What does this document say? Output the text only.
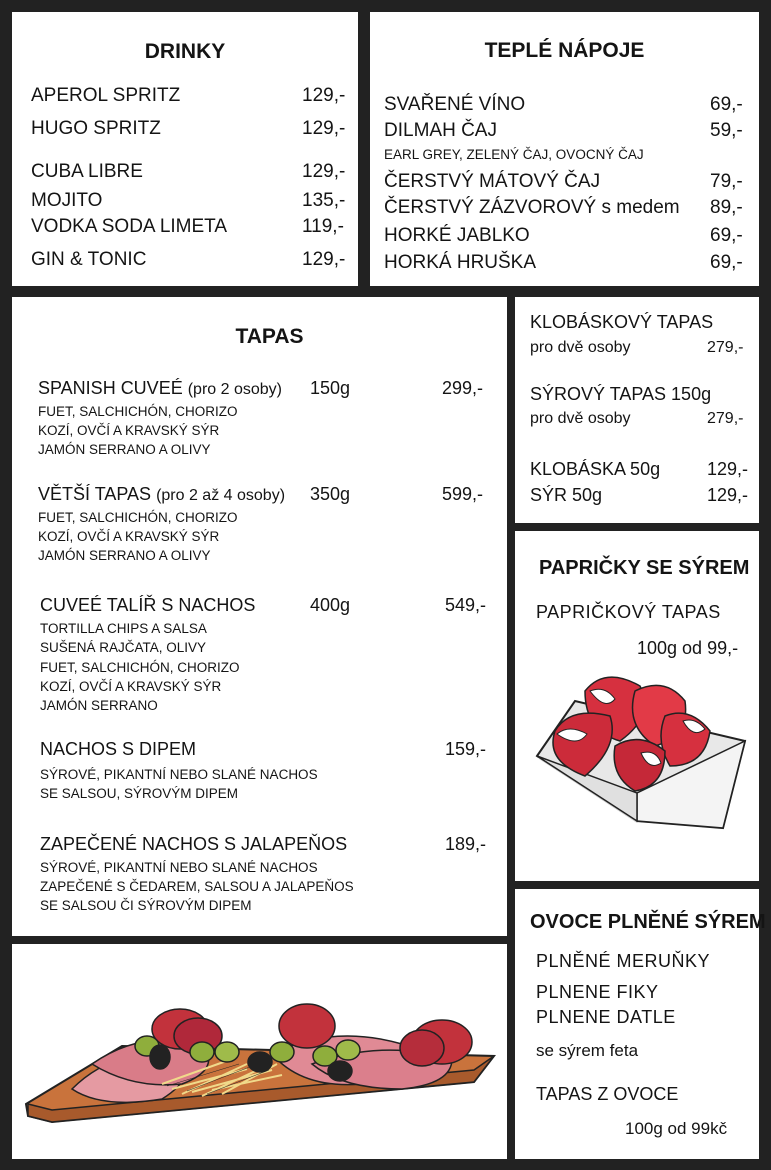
DRINKY
APEROL SPRITZ	129,-
HUGO SPRITZ	129,-
CUBA LIBRE	129,-
MOJITO	135,-
VODKA SODA LIMETA	119,-
GIN & TONIC	129,-
TEPLÉ NÁPOJE
SVAŘENÉ VÍNO	69,-
DILMAH ČAJ	59,-
EARL GREY, ZELENÝ ČAJ, OVOCNÝ ČAJ
ČERSTVÝ MÁTOVÝ ČAJ	79,-
ČERSTVÝ ZÁZVOROVÝ s medem 89,-
HORKÉ JABLKO	69,-
HORKÁ HRUŠKA	69,-
TAPAS
SPANISH CUVEÉ (pro 2 osoby) 150g	299,-
FUET, SALCHICHÓN, CHORIZO
KOZÍ, OVČÍ A KRAVSKÝ SÝR
JAMÓN SERRANO A OLIVY
VĚTŠÍ TAPAS (pro 2 až 4 osoby) 350g	599,-
FUET, SALCHICHÓN, CHORIZO
KOZÍ, OVČÍ A KRAVSKÝ SÝR
JAMÓN SERRANO A OLIVY
CUVEÉ TALÍŘ S NACHOS	400g	549,-
TORTILLA CHIPS A SALSA
SUŠENÁ RAJČATA, OLIVY
FUET, SALCHICHÓN, CHORIZO
KOZÍ, OVČÍ A KRAVSKÝ SÝR
JAMÓN SERRANO
NACHOS S DIPEM	159,-
SÝROVÉ, PIKANTNÍ NEBO SLANÉ NACHOS
SE SALSOU, SÝROVÝM DIPEM
ZAPEČENÉ NACHOS S JALAPEŇOS	189,-
SÝROVÉ, PIKANTNÍ NEBO SLANÉ NACHOS
ZAPEČENÉ S ČEDAREM, SALSOU A JALAPEŇOS
SE SALSOU ČI SÝROVÝM DIPEM
KLOBÁSKOVÝ TAPAS
pro dvě osoby	279,-
SÝROVÝ TAPAS 150g
pro dvě osoby	279,-
KLOBÁSKA 50g	129,-
SÝR 50g	129,-
PAPRIČKY SE SÝREM
PAPRIČKOVÝ TAPAS
100g od 99,-
OVOCE PLNĚNÉ SÝREM
PLNĚNÉ MERUŇKY
PLNENE FIKY
PLNENE DATLE
se sýrem feta
TAPAS Z OVOCE
100g od 99kč
